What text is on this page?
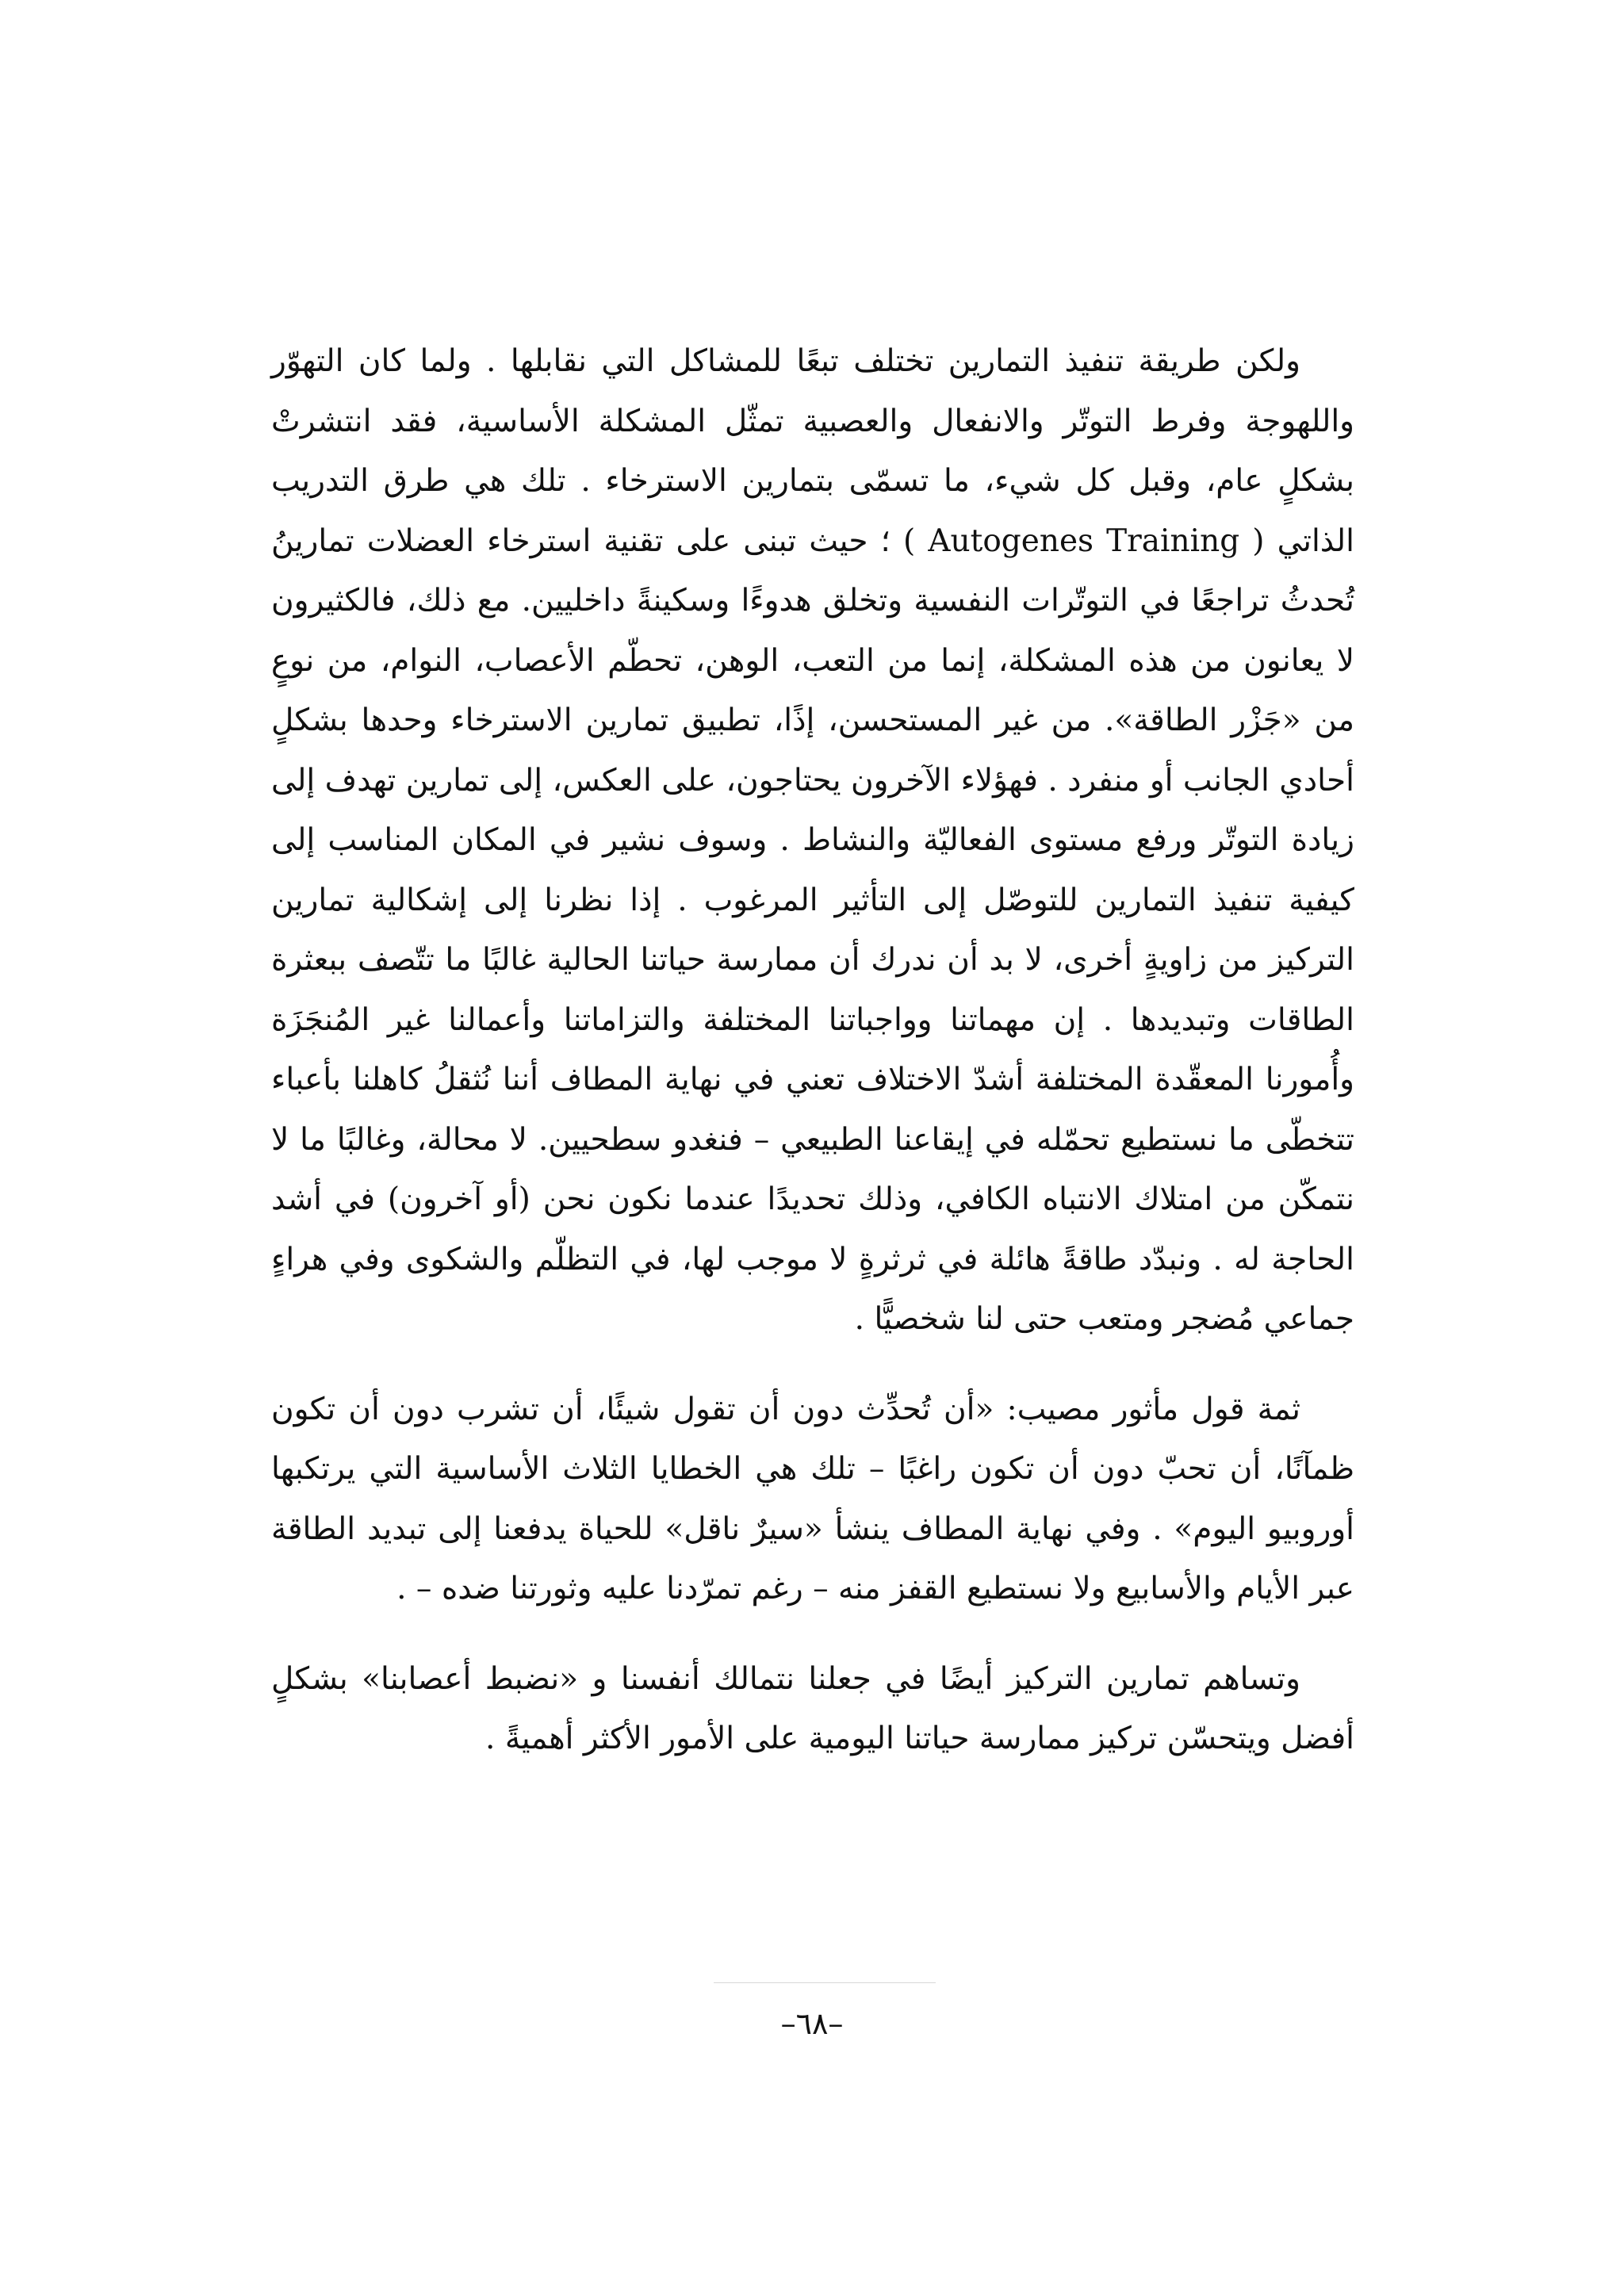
ولكن طريقة تنفيذ التمارين تختلف تبعًا للمشاكل التي نقابلها . ولما كان التهوّر واللهوجة وفرط التوتّر والانفعال والعصبية تمثّل المشكلة الأساسية، فقد انتشرتْ بشكلٍ عام، وقبل كل شيء، ما تسمّى بتمارين الاسترخاء . تلك هي طرق التدريب الذاتي ( Autogenes Training ) ؛ حيث تبنى على تقنية استرخاء العضلات تمارينُ تُحدثُ تراجعًا في التوتّرات النفسية وتخلق هدوءًا وسكينةً داخليين. مع ذلك، فالكثيرون لا يعانون من هذه المشكلة، إنما من التعب، الوهن، تحطّم الأعصاب، النوام، من نوعٍ من «جَزْر الطاقة». من غير المستحسن، إذًا، تطبيق تمارين الاسترخاء وحدها بشكلٍ أحادي الجانب أو منفرد . فهؤلاء الآخرون يحتاجون، على العكس، إلى تمارين تهدف إلى زيادة التوتّر ورفع مستوى الفعاليّة والنشاط . وسوف نشير في المكان المناسب إلى كيفية تنفيذ التمارين للتوصّل إلى التأثير المرغوب . إذا نظرنا إلى إشكالية تمارين التركيز من زاويةٍ أخرى، لا بد أن ندرك أن ممارسة حياتنا الحالية غالبًا ما تتّصف ببعثرة الطاقات وتبديدها . إن مهماتنا وواجباتنا المختلفة والتزاماتنا وأعمالنا غير المُنجَزَة وأُمورنا المعقّدة المختلفة أشدّ الاختلاف تعني في نهاية المطاف أننا نُثقلُ كاهلنا بأعباء تتخطّى ما نستطيع تحمّله في إيقاعنا الطبيعي – فنغدو سطحيين. لا محالة، وغالبًا ما لا نتمكّن من امتلاك الانتباه الكافي، وذلك تحديدًا عندما نكون نحن (أو آخرون) في أشد الحاجة له . ونبدّد طاقةً هائلة في ثرثرةٍ لا موجب لها، في التظلّم والشكوى وفي هراءٍ جماعي مُضجر ومتعب حتى لنا شخصيًّا .

ثمة قول مأثور مصيب: «أن تُحدِّث دون أن تقول شيئًا، أن تشرب دون أن تكون ظمآنًا، أن تحبّ دون أن تكون راغبًا – تلك هي الخطايا الثلاث الأساسية التي يرتكبها أوروبيو اليوم» . وفي نهاية المطاف ينشأ «سيرٌ ناقل» للحياة يدفعنا إلى تبديد الطاقة عبر الأيام والأسابيع ولا نستطيع القفز منه – رغم تمرّدنا عليه وثورتنا ضده – .

وتساهم تمارين التركيز أيضًا في جعلنا نتمالك أنفسنا و «نضبط أعصابنا» بشكلٍ أفضل ويتحسّن تركيز ممارسة حياتنا اليومية على الأمور الأكثر أهميةً .

–٦٨–
